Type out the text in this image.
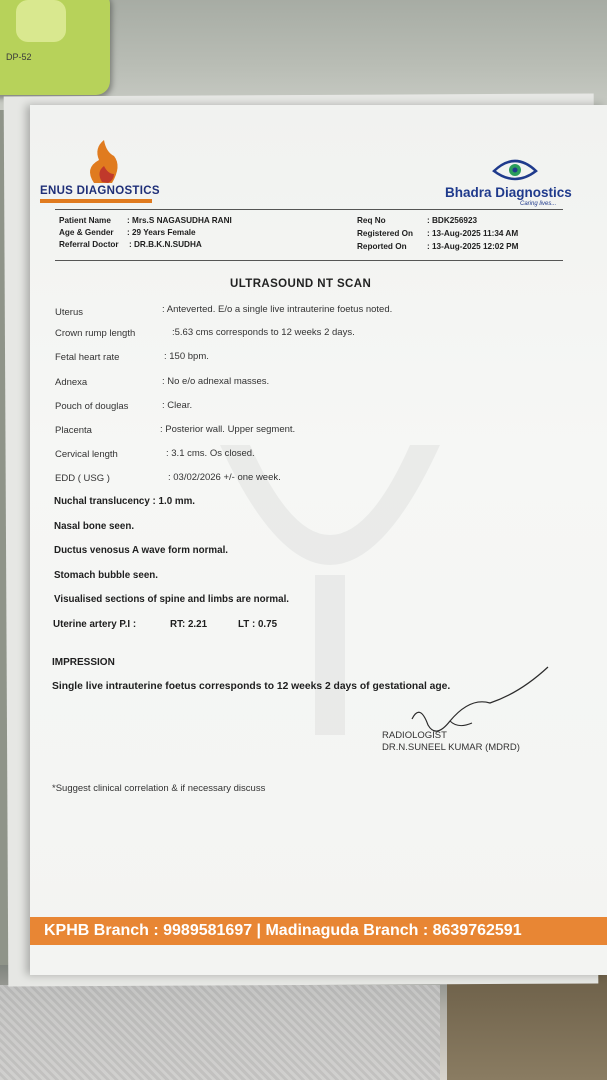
DP-52
ENUS DIAGNOSTICS	Bhadra Diagnostics
Caring lives...
Patient Name : Mrs.S NAGASUDHA RANI
Age & Gender : 29 Years Female
Referral Doctor : DR.B.K.N.SUDHA
Req No	: BDK256923
Registered On : 13-Aug-2025 11:34 AM
Reported On : 13-Aug-2025 12:02 PM
ULTRASOUND NT SCAN
Uterus	: Anteverted. E/o a single live intrauterine foetus noted.
Crown rump length	:5.63 cms corresponds to 12 weeks 2 days.
Fetal heart rate	: 150 bpm.
Adnexa	: No e/o adnexal masses.
Pouch of douglas	: Clear.
Placenta	: Posterior wall. Upper segment.
Cervical length	: 3.1 cms. Os closed.
EDD ( USG )	: 03/02/2026 +/- one week.
Nuchal translucency : 1.0 mm.
Nasal bone seen.
Ductus venosus A wave form normal.
Stomach bubble seen.
Visualised sections of spine and limbs are normal.
Uterine artery P.I :	RT: 2.21	LT : 0.75
IMPRESSION
Single live intrauterine foetus corresponds to 12 weeks 2 days of gestational age.
RADIOLOGIST
DR.N.SUNEEL KUMAR (MDRD)
*Suggest clinical correlation & if necessary discuss
KPHB Branch : 9989581697 | Madinaguda Branch : 8639762591
